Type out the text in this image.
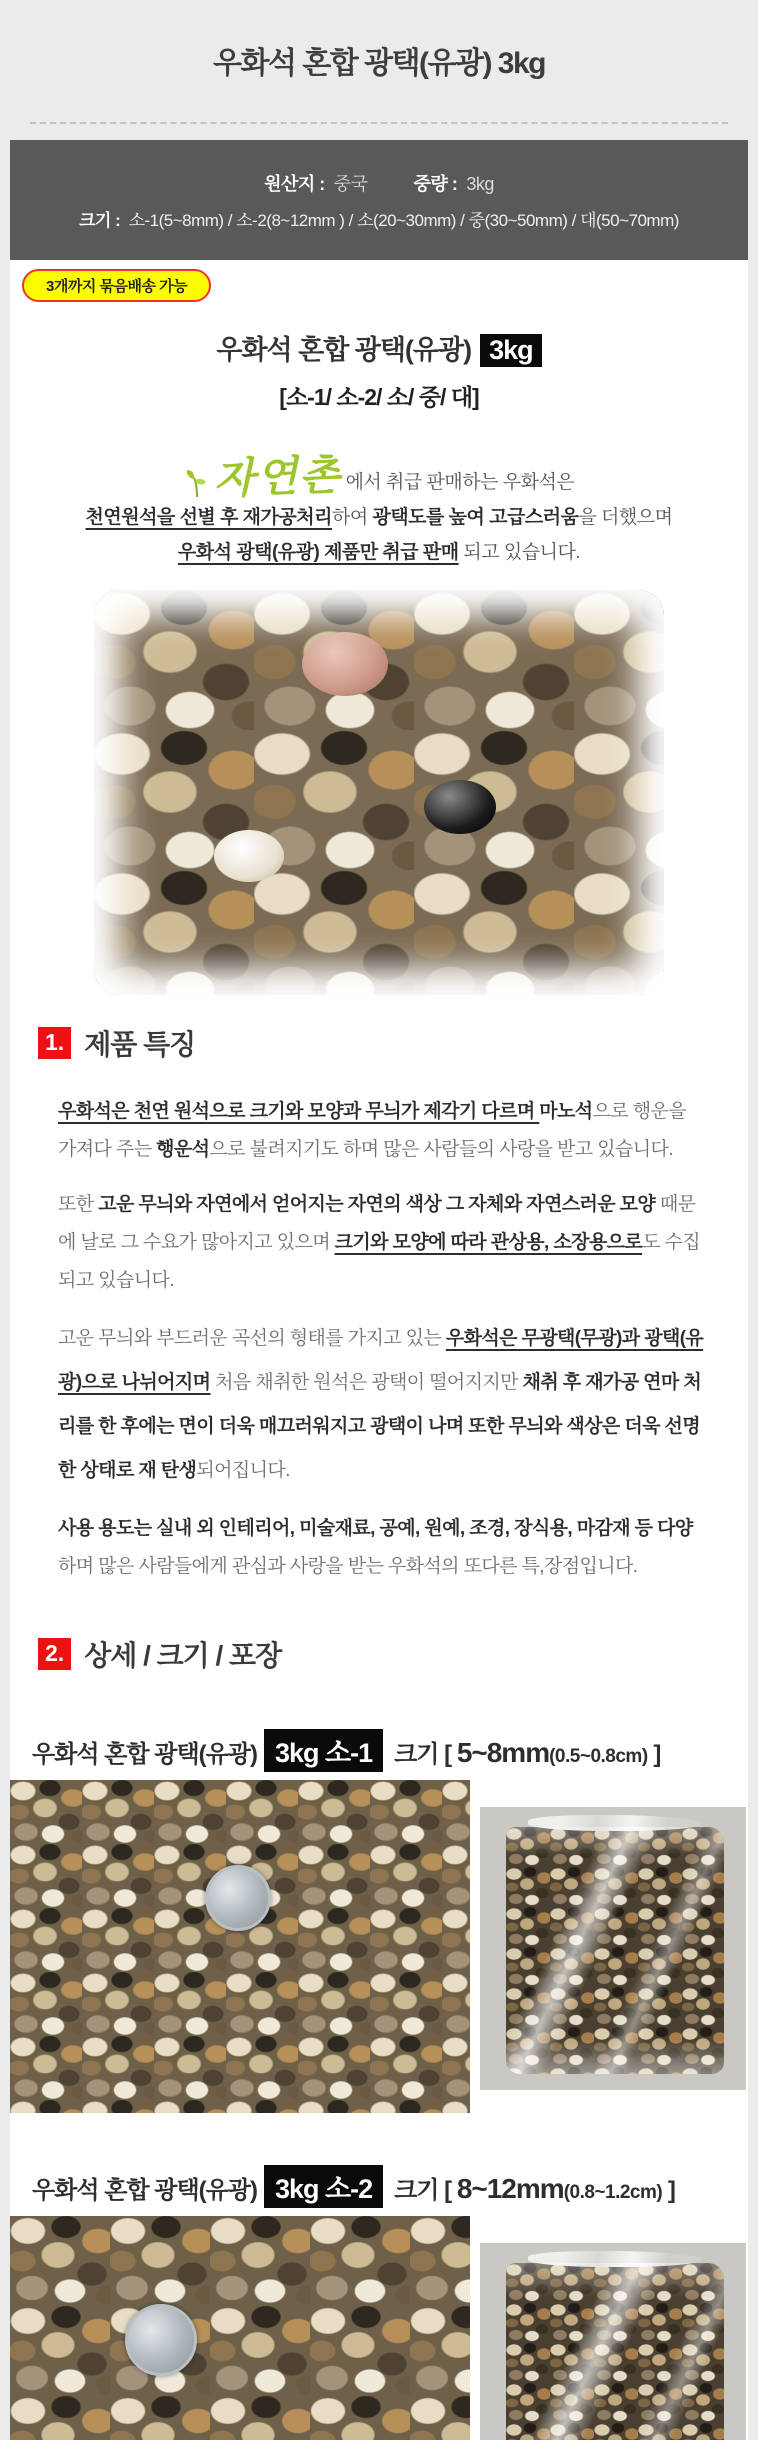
우화석 혼합 광택(유광) 3kg
원산지 : 중국	중량 : 3kg
크기 : 소-1(5~8mm) / 소-2(8~12mm ) / 소(20~30mm) / 중(30~50mm) / 대(50~70mm)
3개까지 묶음배송 가능
우화석 혼합 광택(유광) 3kg
[소-1/ 소-2/ 소/ 중/ 대]
자연촌 에서 취급 판매하는 우화석은
천연원석을 선별 후 재가공처리하여 광택도를 높여 고급스러움을 더했으며
우화석 광택(유광) 제품만 취급 판매 되고 있습니다.
1. 제품 특징

우화석은 천연 원석으로 크기와 모양과 무늬가 제각기 다르며 마노석으로 행운을 가져다 주는 행운석으로 불려지기도 하며 많은 사람들의 사랑을 받고 있습니다.

또한 고운 무늬와 자연에서 얻어지는 자연의 색상 그 자체와 자연스러운 모양 때문에 날로 그 수요가 많아지고 있으며 크기와 모양에 따라 관상용, 소장용으로도 수집 되고 있습니다.

고운 무늬와 부드러운 곡선의 형태를 가지고 있는 우화석은 무광택(무광)과 광택(유광)으로 나뉘어지며 처음 채취한 원석은 광택이 떨어지지만 채취 후 재가공 연마 처리를 한 후에는 면이 더욱 매끄러워지고 광택이 나며 또한 무늬와 색상은 더욱 선명한 상태로 재 탄생되어집니다.

사용 용도는 실내 외 인테리어, 미술재료, 공예, 원예, 조경, 장식용, 마감재 등 다양하며 많은 사람들에게 관심과 사랑을 받는 우화석의 또다른 특,장점입니다.

2. 상세 / 크기 / 포장
우화석 혼합 광택(유광) 3kg 소-1 크기 [ 5~8mm(0.5~0.8cm) ]
우화석 혼합 광택(유광) 3kg 소-2 크기 [ 8~12mm(0.8~1.2cm) ]
